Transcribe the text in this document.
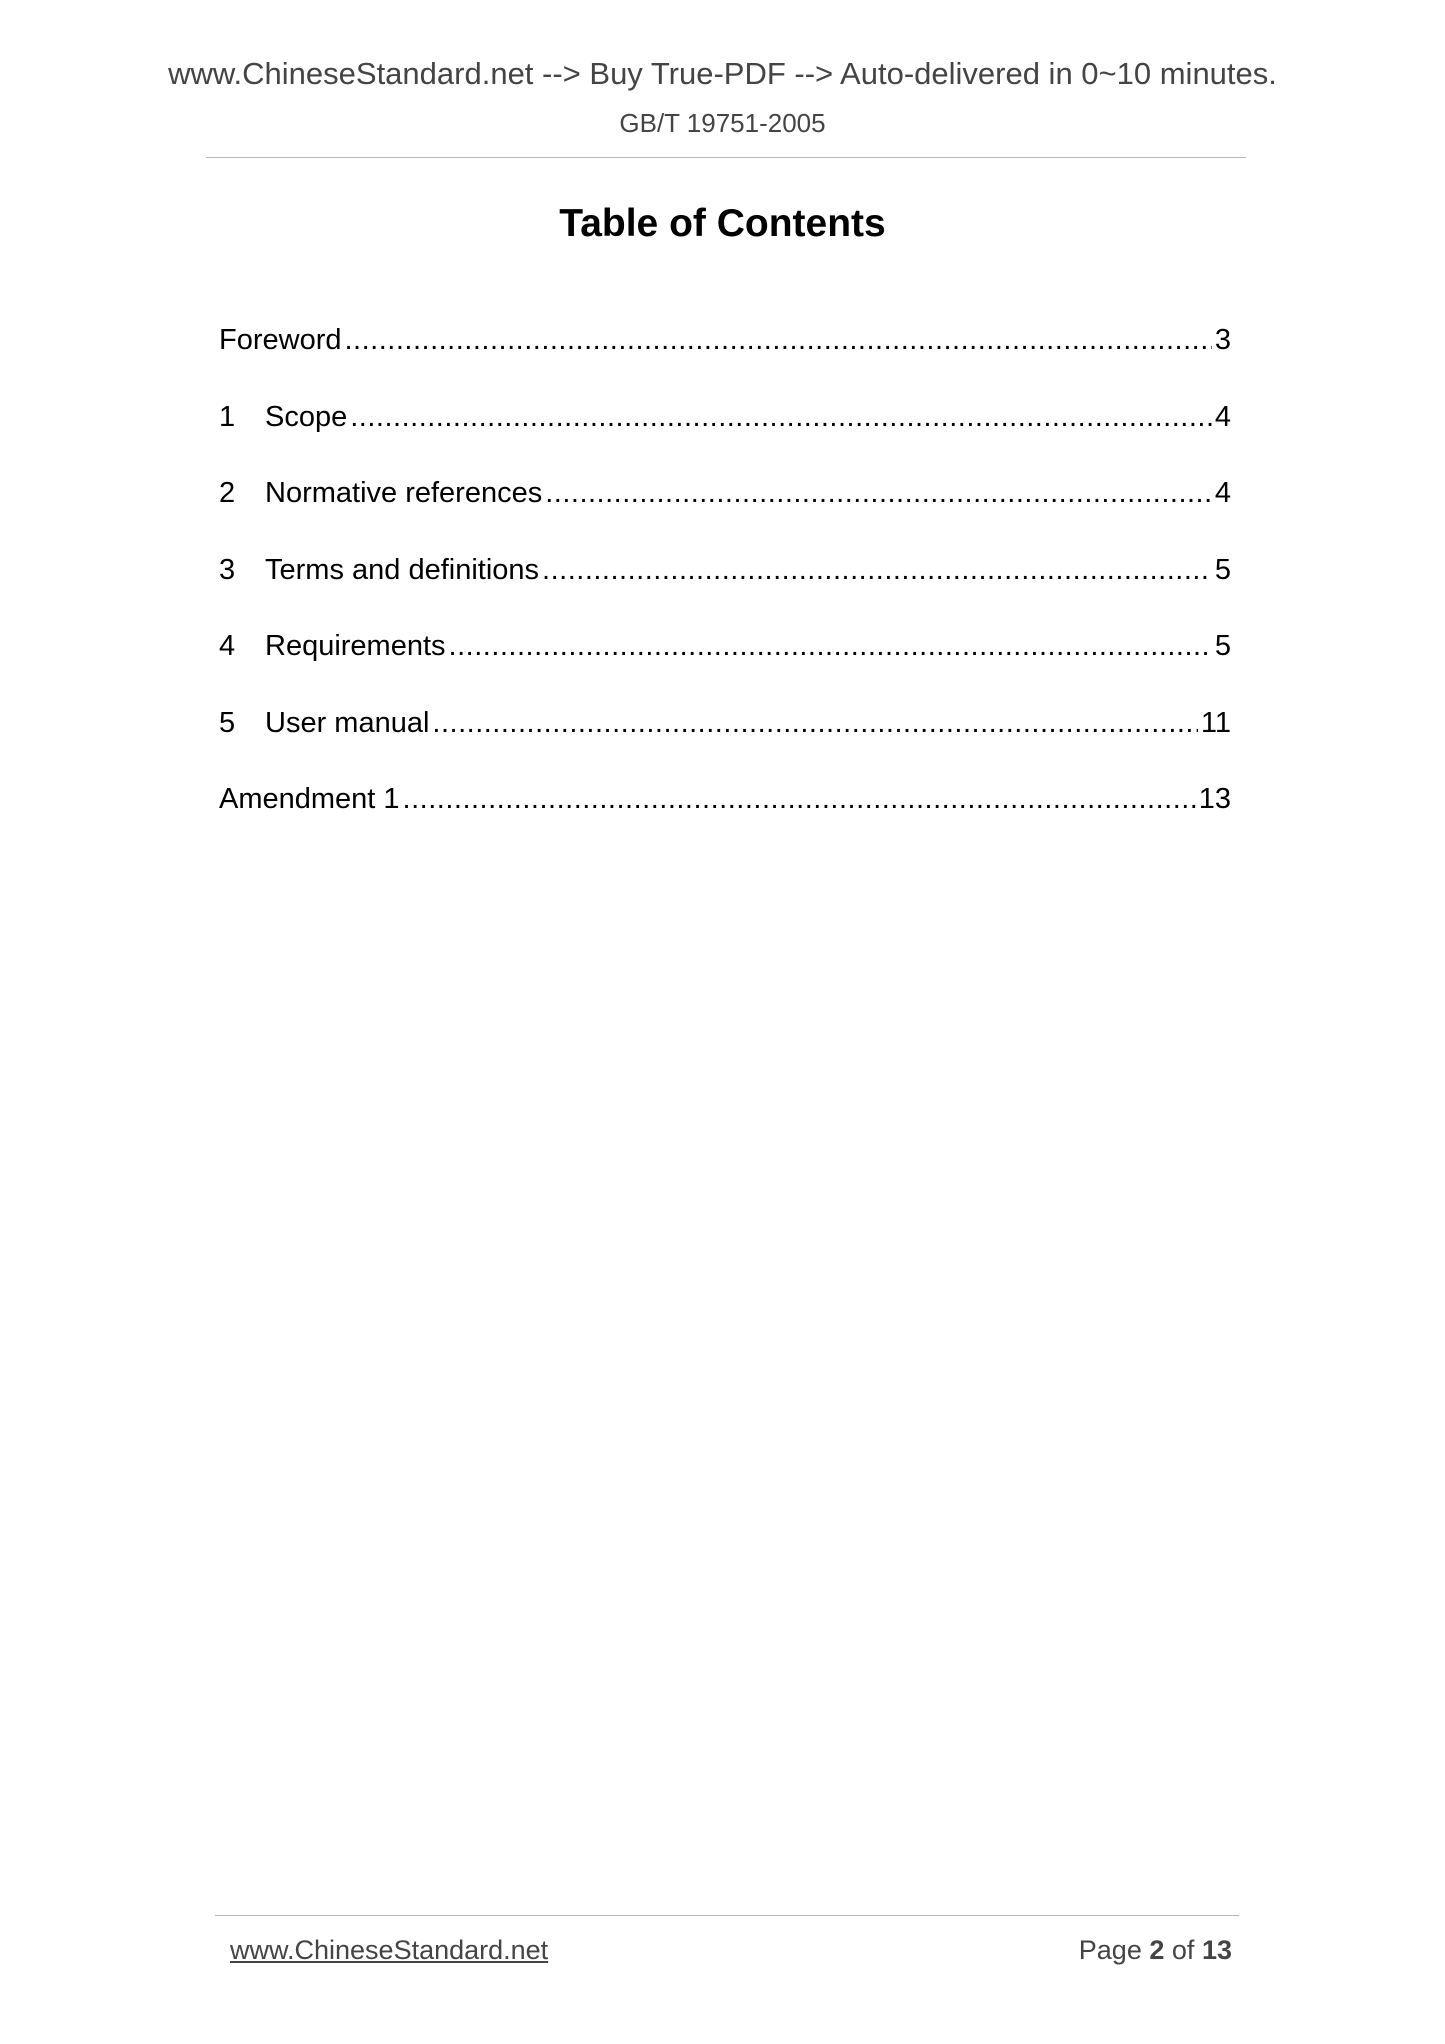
www.ChineseStandard.net --> Buy True-PDF --> Auto-delivered in 0~10 minutes.
GB/T 19751-2005
Table of Contents
Foreword .....	3
1	Scope .....	4
2	Normative references .....	4
3	Terms and definitions .....	5
4	Requirements .....	5
5	User manual .....	11
Amendment 1 .....	13
www.ChineseStandard.net	Page 2 of 13
